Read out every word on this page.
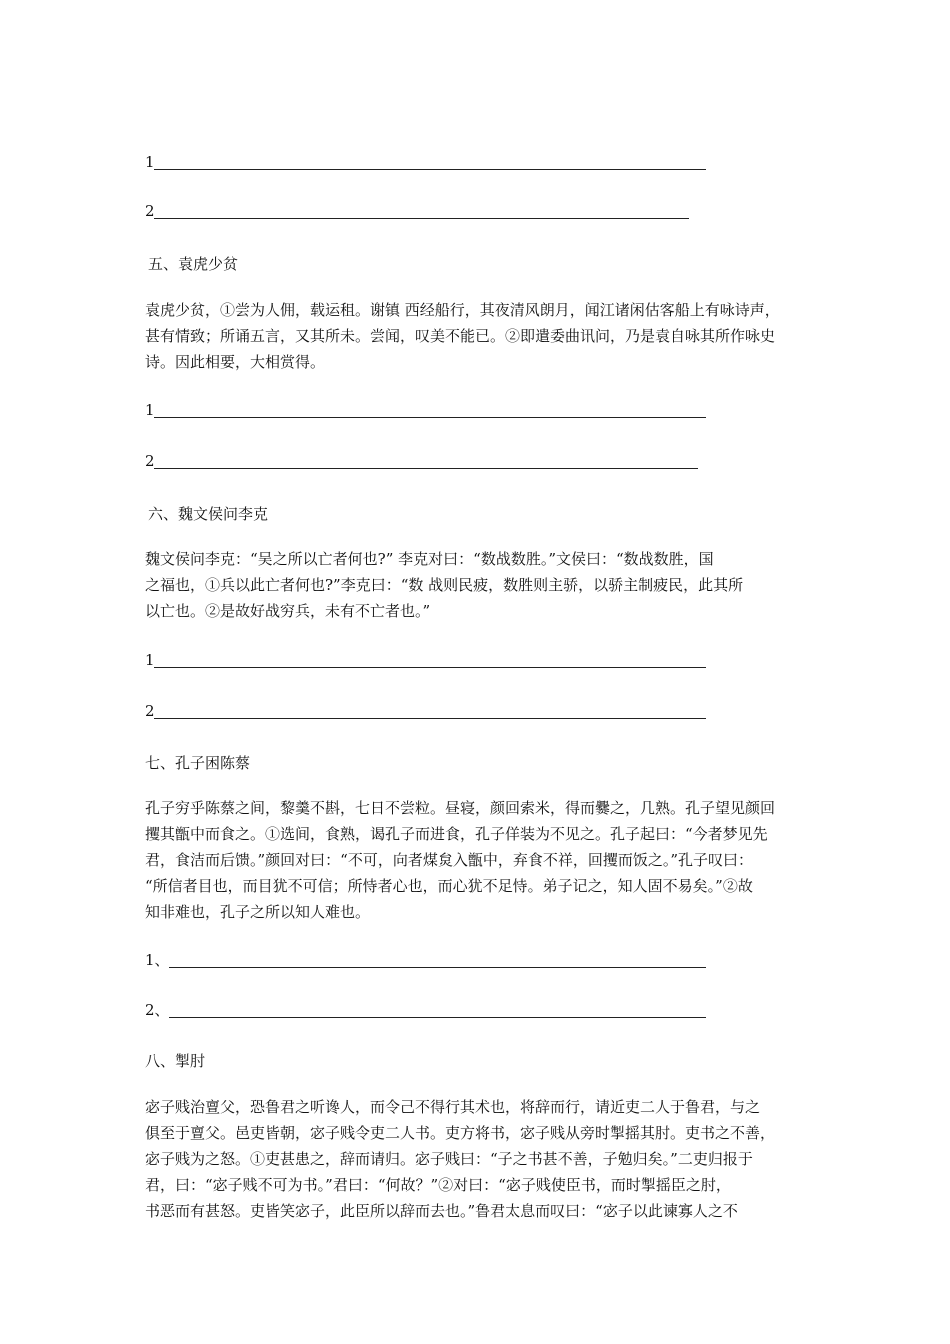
1
2
五、袁虎少贫
袁虎少贫，①尝为人佣，载运租。谢镇 西经船行，其夜清风朗月，闻江诸闲估客船上有咏诗声，
甚有情致；所诵五言，又其所未。尝闻，叹美不能已。②即遣委曲讯问，乃是袁自咏其所作咏史
诗。因此相要，大相赏得。
1
2
六、魏文侯问李克
魏文侯问李克：“吴之所以亡者何也?” 李克对曰：“数战数胜。”文侯曰：“数战数胜，国
之福也，①兵以此亡者何也?”李克曰：“数 战则民疲，数胜则主骄，以骄主制疲民，此其所
以亡也。②是故好战穷兵，未有不亡者也。”
1
2
七、孔子困陈蔡
孔子穷乎陈蔡之间，黎羹不斟，七日不尝粒。昼寝，颜回索米，得而爨之，几熟。孔子望见颜回
攫其甑中而食之。①选间，食熟，谒孔子而进食，孔子佯装为不见之。孔子起曰：“今者梦见先
君，食洁而后馈。”颜回对曰：“不可，向者煤炱入甑中，弃食不祥，回攫而饭之。”孔子叹曰：
“所信者目也，而目犹不可信；所恃者心也，而心犹不足恃。弟子记之，知人固不易矣。”②故
知非难也，孔子之所以知人难也。
1、
2、
八、掣肘
宓子贱治亶父，恐鲁君之听谗人，而令己不得行其术也，将辞而行，请近吏二人于鲁君，与之
俱至于亶父。邑吏皆朝，宓子贱令吏二人书。吏方将书，宓子贱从旁时掣摇其肘。吏书之不善，
宓子贱为之怒。①吏甚患之，辞而请归。宓子贱曰：“子之书甚不善，子勉归矣。”二吏归报于
君，曰：“宓子贱不可为书。”君曰：“何故？”②对曰：“宓子贱使臣书，而时掣摇臣之肘，
书恶而有甚怒。吏皆笑宓子，此臣所以辞而去也。”鲁君太息而叹曰：“宓子以此谏寡人之不
